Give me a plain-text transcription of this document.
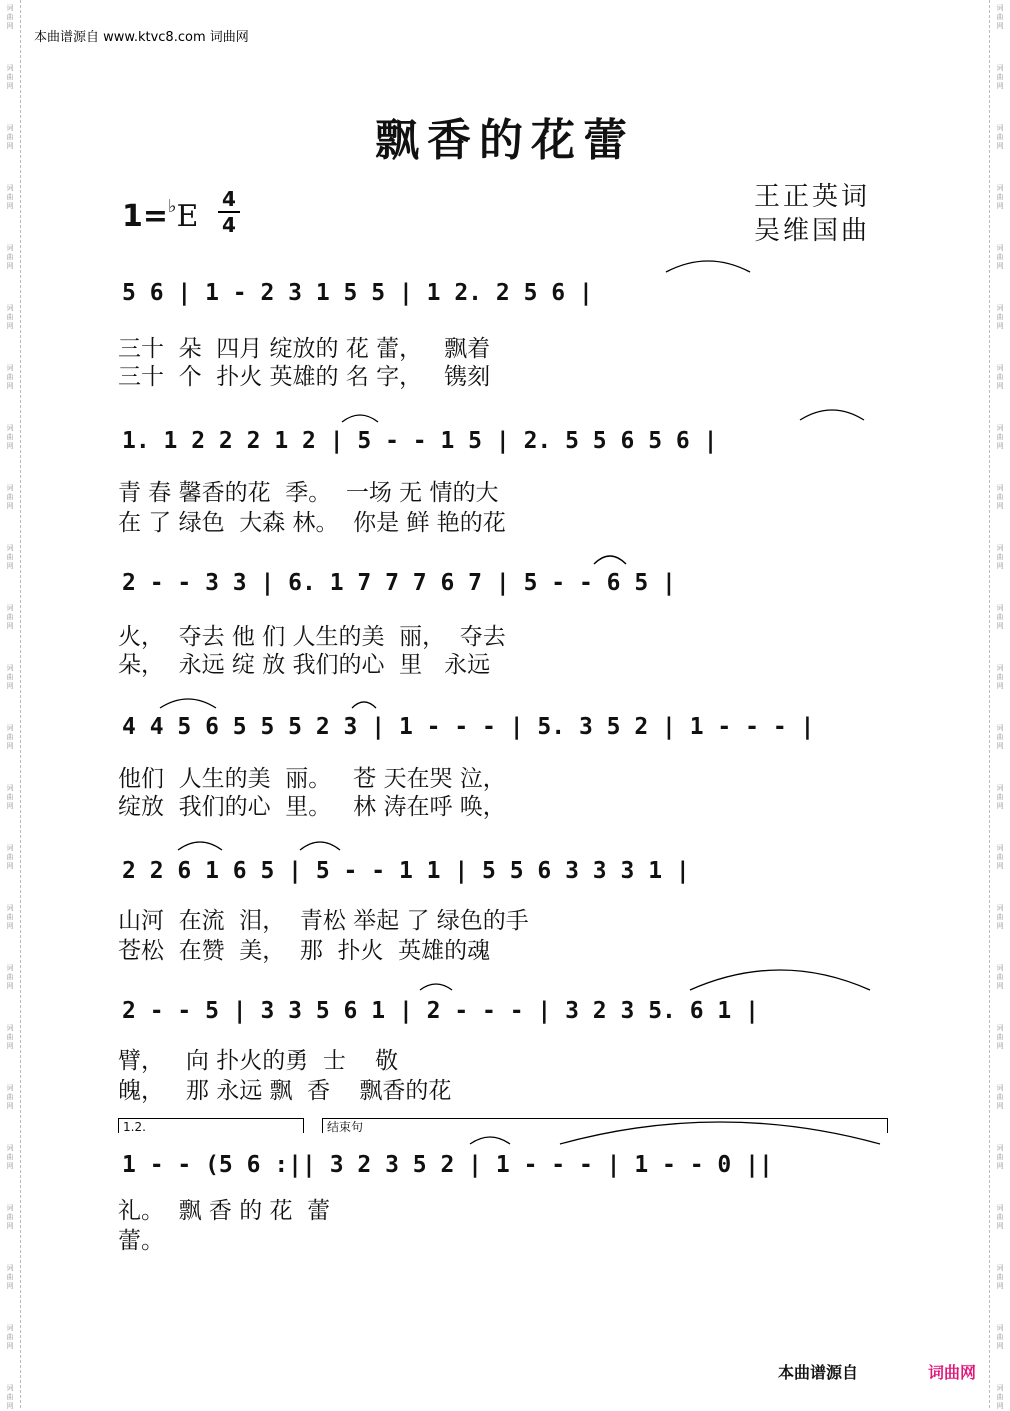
词
曲
网
词
曲
网
词
曲
网
词
曲
网
词
曲
网
词
曲
网
词
曲
网
词
曲
网
词
曲
网
词
曲
网
词
曲
网
词
曲
网
词
曲
网
词
曲
网
词
曲
网
词
曲
网
词
曲
网
词
曲
网
词
曲
网
词
曲
网
词
曲
网
词
曲
网
词
曲
网
词
曲
网
词
曲
网
词
曲
网
词
曲
网
词
曲
网
词
曲
网
词
曲
网
词
曲
网
词
曲
网
词
曲
网
词
曲
网
词
曲
网
词
曲
网
词
曲
网
词
曲
网
词
曲
网
词
曲
网
词
曲
网
词
曲
网
词
曲
网
词
曲
网
词
曲
网
词
曲
网
词
曲
网
词
曲
网
本曲谱源自 www.ktvc8.com 词曲网
飘香的花蕾
1=♭E 4
4
王正英词
吴维国曲
5 6 | 1 - 2 3 1 5 5 | 1 2. 2 5 6 |
三十  朵  四月 绽放的 花 蕾，   飘着
三十  个  扑火 英雄的 名 字，   镌刻
1. 1 2 2 2 1 2 | 5 - - 1 5 | 2. 5 5 6 5 6 |
青 春 馨香的花  季。  一场 无 情的大
在 了 绿色  大森 林。  你是 鲜 艳的花
2 - - 3 3 | 6. 1 7 7 7 6 7 | 5 - - 6 5 |
火，  夺去 他 们 人生的美  丽，  夺去
朵，  永远 绽 放 我们的心  里   永远
4 4 5 6 5 5 5 2 3 | 1 - - - | 5. 3 5 2 | 1 - - - |
他们  人生的美  丽。   苍 天在哭 泣，
绽放  我们的心  里。   林 涛在呼 唤，
2 2 6 1 6 5 | 5 - - 1 1 | 5 5 6 3 3 3 1 |
山河  在流  泪，  青松 举起 了 绿色的手
苍松  在赞  美，  那  扑火  英雄的魂
2 - - 5 | 3 3 5 6 1 | 2 - - - | 3 2 3 5. 6 1 |
臂，   向 扑火的勇  士    敬
魄，   那 永远 飘  香    飘香的花
1.2.	结束句
1 - - (5 6 :|| 3 2 3 5 2 | 1 - - - | 1 - - 0 ||
礼。  飘 香 的 花  蕾
蕾。
本曲谱源自	词曲网
